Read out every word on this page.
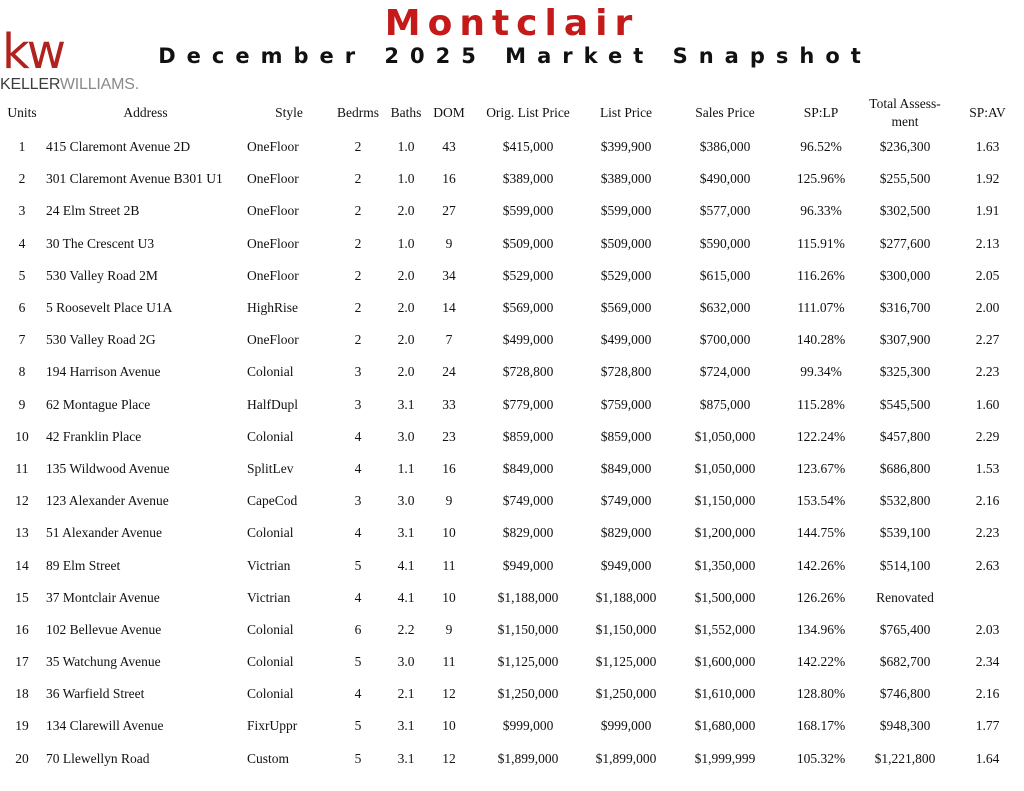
Montclair
December 2025 Market Snapshot
kw
KELLERWILLIAMS.
Units	Address	Style	Bedrms	Baths	DOM	Orig. List Price	List Price	Sales Price	SP:LP	Total Assess-ment	SP:AV
1	415 Claremont Avenue 2D	OneFloor	2	1.0	43	$415,000	$399,900	$386,000	96.52%	$236,300	1.63
2	301 Claremont Avenue B301 U1	OneFloor	2	1.0	16	$389,000	$389,000	$490,000	125.96%	$255,500	1.92
3	24 Elm Street 2B	OneFloor	2	2.0	27	$599,000	$599,000	$577,000	96.33%	$302,500	1.91
4	30 The Crescent U3	OneFloor	2	1.0	9	$509,000	$509,000	$590,000	115.91%	$277,600	2.13
5	530 Valley Road 2M	OneFloor	2	2.0	34	$529,000	$529,000	$615,000	116.26%	$300,000	2.05
6	5 Roosevelt Place U1A	HighRise	2	2.0	14	$569,000	$569,000	$632,000	111.07%	$316,700	2.00
7	530 Valley Road 2G	OneFloor	2	2.0	7	$499,000	$499,000	$700,000	140.28%	$307,900	2.27
8	194 Harrison Avenue	Colonial	3	2.0	24	$728,800	$728,800	$724,000	99.34%	$325,300	2.23
9	62 Montague Place	HalfDupl	3	3.1	33	$779,000	$759,000	$875,000	115.28%	$545,500	1.60
10	42 Franklin Place	Colonial	4	3.0	23	$859,000	$859,000	$1,050,000	122.24%	$457,800	2.29
11	135 Wildwood Avenue	SplitLev	4	1.1	16	$849,000	$849,000	$1,050,000	123.67%	$686,800	1.53
12	123 Alexander Avenue	CapeCod	3	3.0	9	$749,000	$749,000	$1,150,000	153.54%	$532,800	2.16
13	51 Alexander Avenue	Colonial	4	3.1	10	$829,000	$829,000	$1,200,000	144.75%	$539,100	2.23
14	89 Elm Street	Victrian	5	4.1	11	$949,000	$949,000	$1,350,000	142.26%	$514,100	2.63
15	37 Montclair Avenue	Victrian	4	4.1	10	$1,188,000	$1,188,000	$1,500,000	126.26%	Renovated	
16	102 Bellevue Avenue	Colonial	6	2.2	9	$1,150,000	$1,150,000	$1,552,000	134.96%	$765,400	2.03
17	35 Watchung Avenue	Colonial	5	3.0	11	$1,125,000	$1,125,000	$1,600,000	142.22%	$682,700	2.34
18	36 Warfield Street	Colonial	4	2.1	12	$1,250,000	$1,250,000	$1,610,000	128.80%	$746,800	2.16
19	134 Clarewill Avenue	FixrUppr	5	3.1	10	$999,000	$999,000	$1,680,000	168.17%	$948,300	1.77
20	70 Llewellyn Road	Custom	5	3.1	12	$1,899,000	$1,899,000	$1,999,999	105.32%	$1,221,800	1.64
